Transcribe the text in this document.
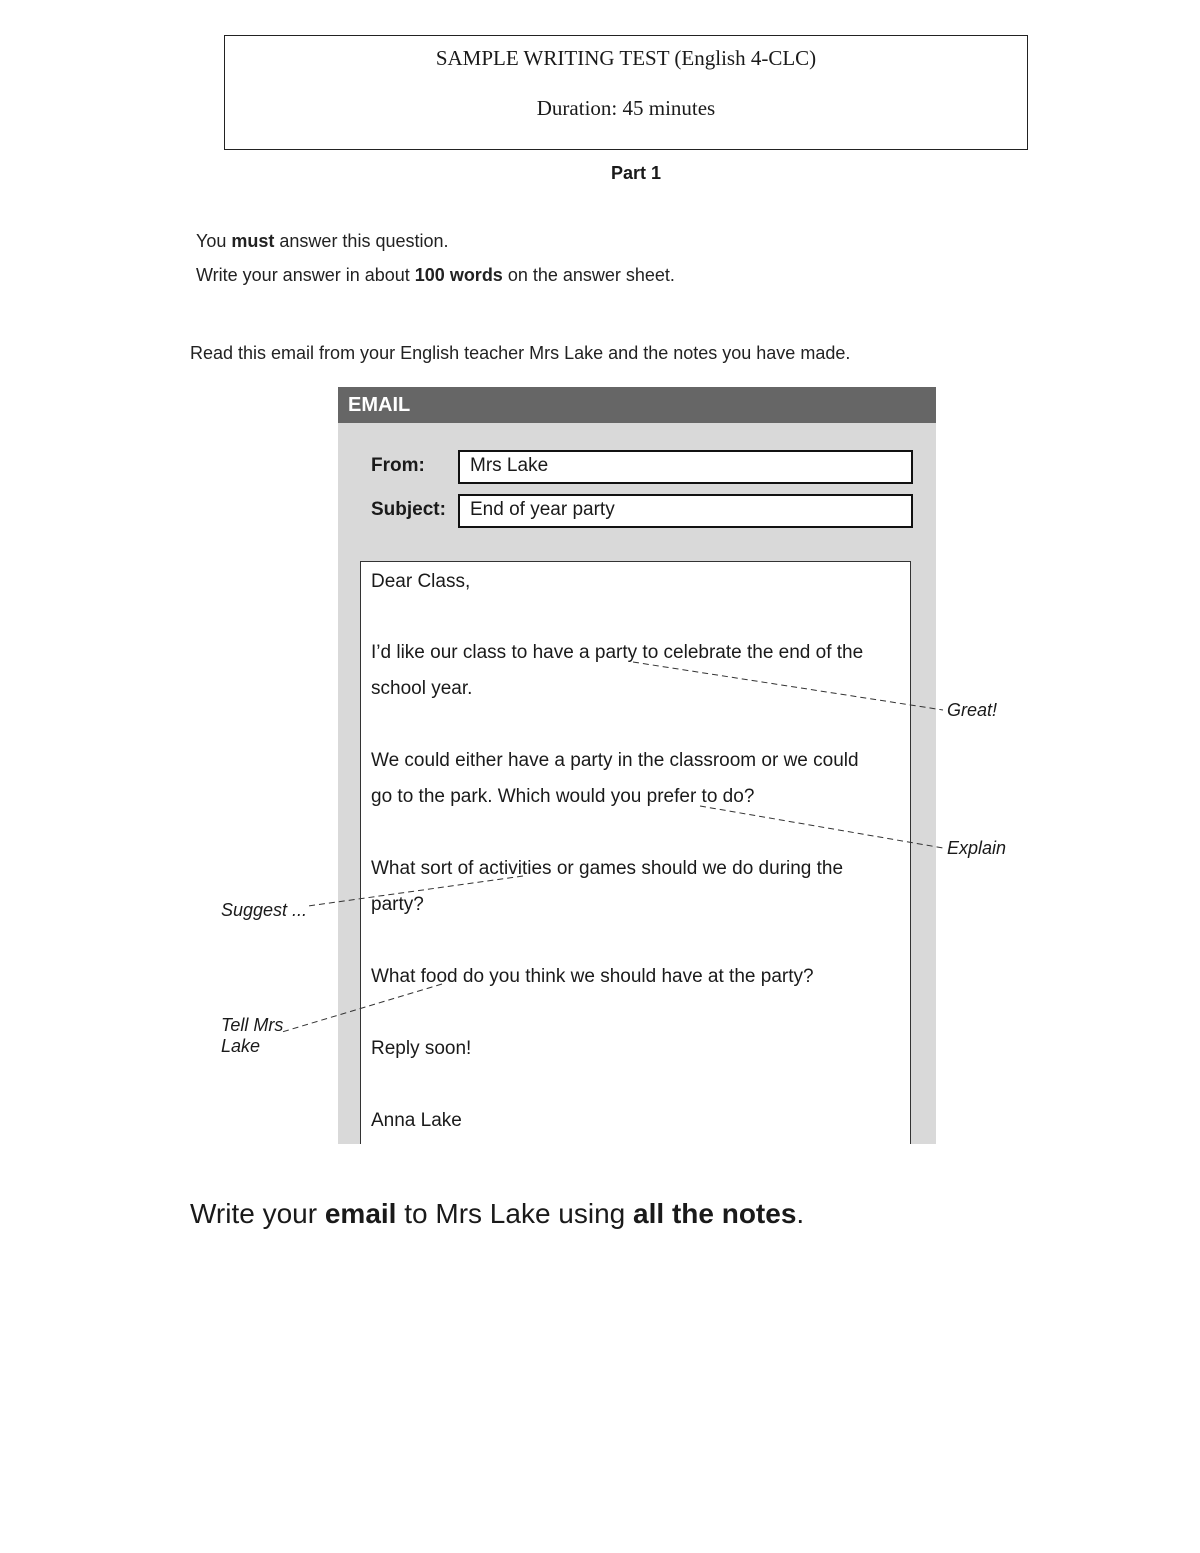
SAMPLE WRITING TEST (English 4-CLC)
Duration: 45 minutes
Part 1
You must answer this question.
Write your answer in about 100 words on the answer sheet.
Read this email from your English teacher Mrs Lake and the notes you have made.
EMAIL
From:	Mrs Lake
Subject:	End of year party
Dear Class,
I’d like our class to have a party to celebrate the end of the
school year.
We could either have a party in the classroom or we could
go to the park. Which would you prefer to do?
What sort of activities or games should we do during the
party?
What food do you think we should have at the party?
Reply soon!
Anna Lake
Great!
Explain
Suggest ...
Tell Mrs
Lake
Write your email to Mrs Lake using all the notes.
